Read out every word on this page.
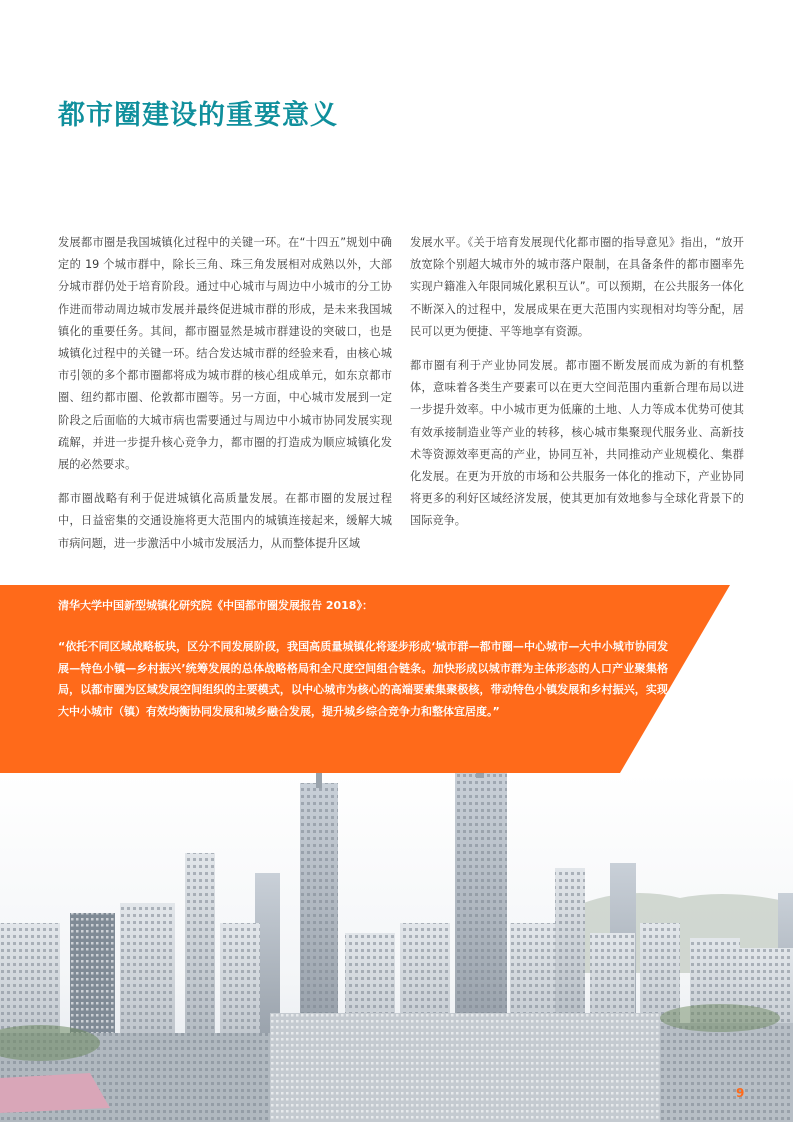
都市圈建设的重要意义

发展都市圈是我国城镇化过程中的关键一环。在“十四五”规划中确定的 19 个城市群中，除长三角、珠三角发展相对成熟以外，大部分城市群仍处于培育阶段。通过中心城市与周边中小城市的分工协作进而带动周边城市发展并最终促进城市群的形成，是未来我国城镇化的重要任务。其间，都市圈显然是城市群建设的突破口，也是城镇化过程中的关键一环。结合发达城市群的经验来看，由核心城市引领的多个都市圈都将成为城市群的核心组成单元，如东京都市圈、纽约都市圈、伦敦都市圈等。另一方面，中心城市发展到一定阶段之后面临的大城市病也需要通过与周边中小城市协同发展实现疏解，并进一步提升核心竞争力，都市圈的打造成为顺应城镇化发展的必然要求。

都市圈战略有利于促进城镇化高质量发展。在都市圈的发展过程中，日益密集的交通设施将更大范围内的城镇连接起来，缓解大城市病问题，进一步激活中小城市发展活力，从而整体提升区域

发展水平。《关于培育发展现代化都市圈的指导意见》指出，“放开放宽除个别超大城市外的城市落户限制，在具备条件的都市圈率先实现户籍准入年限同城化累积互认”。可以预期，在公共服务一体化不断深入的过程中，发展成果在更大范围内实现相对均等分配，居民可以更为便捷、平等地享有资源。

都市圈有利于产业协同发展。都市圈不断发展而成为新的有机整体，意味着各类生产要素可以在更大空间范围内重新合理布局以进一步提升效率。中小城市更为低廉的土地、人力等成本优势可使其有效承接制造业等产业的转移，核心城市集聚现代服务业、高新技术等资源效率更高的产业，协同互补，共同推动产业规模化、集群化发展。在更为开放的市场和公共服务一体化的推动下，产业协同将更多的利好区域经济发展，使其更加有效地参与全球化背景下的国际竞争。

清华大学中国新型城镇化研究院《中国都市圈发展报告 2018》：

“依托不同区域战略板块，区分不同发展阶段，我国高质量城镇化将逐步形成‘城市群—都市圈—中心城市—大中小城市协同发展—特色小镇—乡村振兴’统筹发展的总体战略格局和全尺度空间组合链条。加快形成以城市群为主体形态的人口产业聚集格局，以都市圈为区域发展空间组织的主要模式，以中心城市为核心的高端要素集聚极核，带动特色小镇发展和乡村振兴，实现大中小城市（镇）有效均衡协同发展和城乡融合发展，提升城乡综合竞争力和整体宜居度。”

9
